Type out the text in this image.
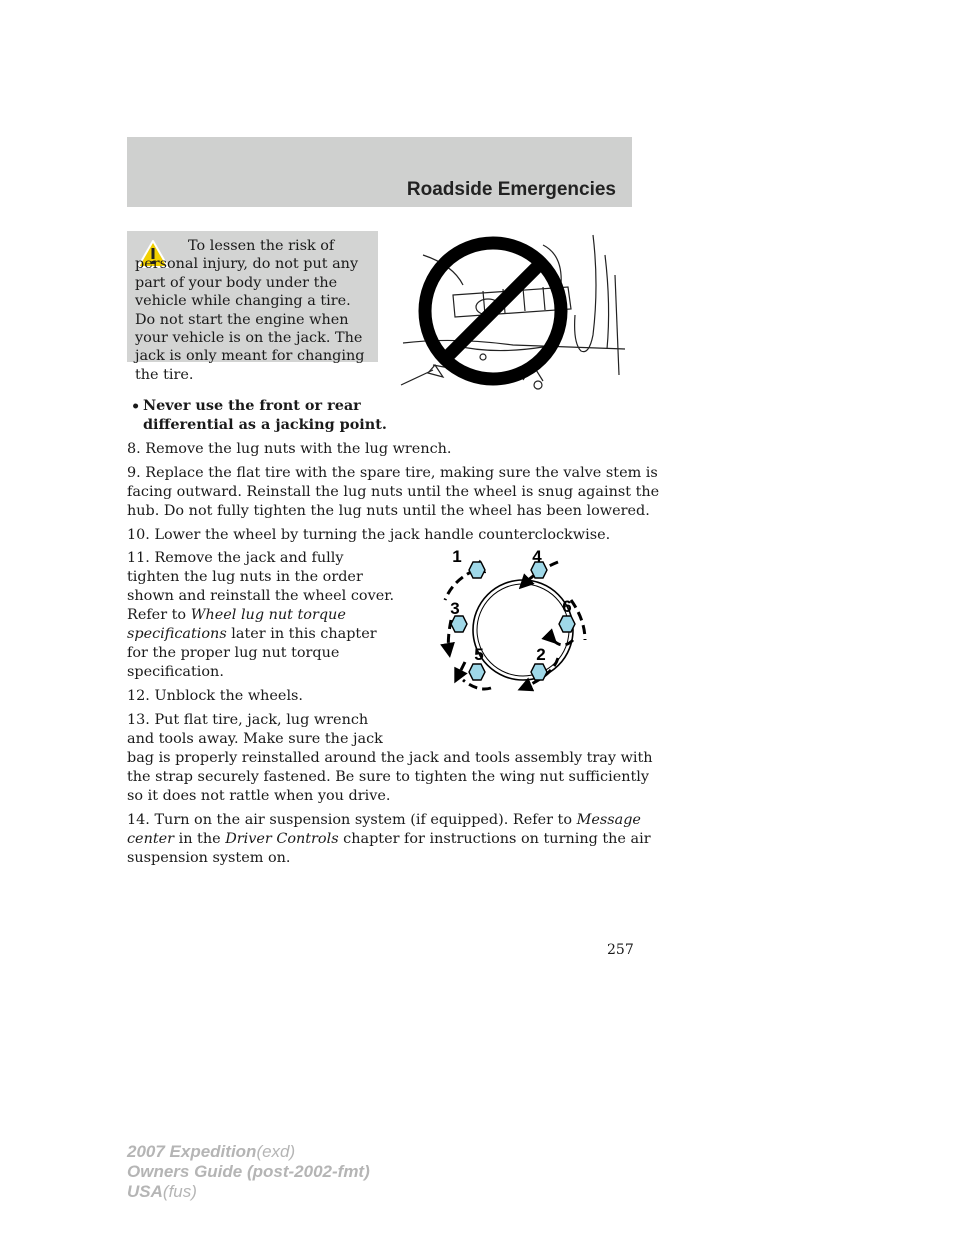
Roadside Emergencies
To lessen the risk of personal injury, do not put any part of your body under the vehicle while changing a tire. Do not start the engine when your vehicle is on the jack. The jack is only meant for changing the tire.
• Never use the front or rear

differential as a jacking point.

8. Remove the lug nuts with the lug wrench.

9. Replace the flat tire with the spare tire, making sure the valve stem is

facing outward. Reinstall the lug nuts until the wheel is snug against the

hub. Do not fully tighten the lug nuts until the wheel has been lowered.

10. Lower the wheel by turning the jack handle counterclockwise.

11. Remove the jack and fully

tighten the lug nuts in the order

shown and reinstall the wheel cover.

Refer to Wheel lug nut torque

specifications later in this chapter

for the proper lug nut torque

specification.

1	4
3	6
5	2

12. Unblock the wheels.

13. Put flat tire, jack, lug wrench

and tools away. Make sure the jack

bag is properly reinstalled around the jack and tools assembly tray with

the strap securely fastened. Be sure to tighten the wing nut sufficiently

so it does not rattle when you drive.

14. Turn on the air suspension system (if equipped). Refer to Message

center in the Driver Controls chapter for instructions on turning the air

suspension system on.

257
2007 Expedition(exd)
Owners Guide (post-2002-fmt)
USA(fus)
